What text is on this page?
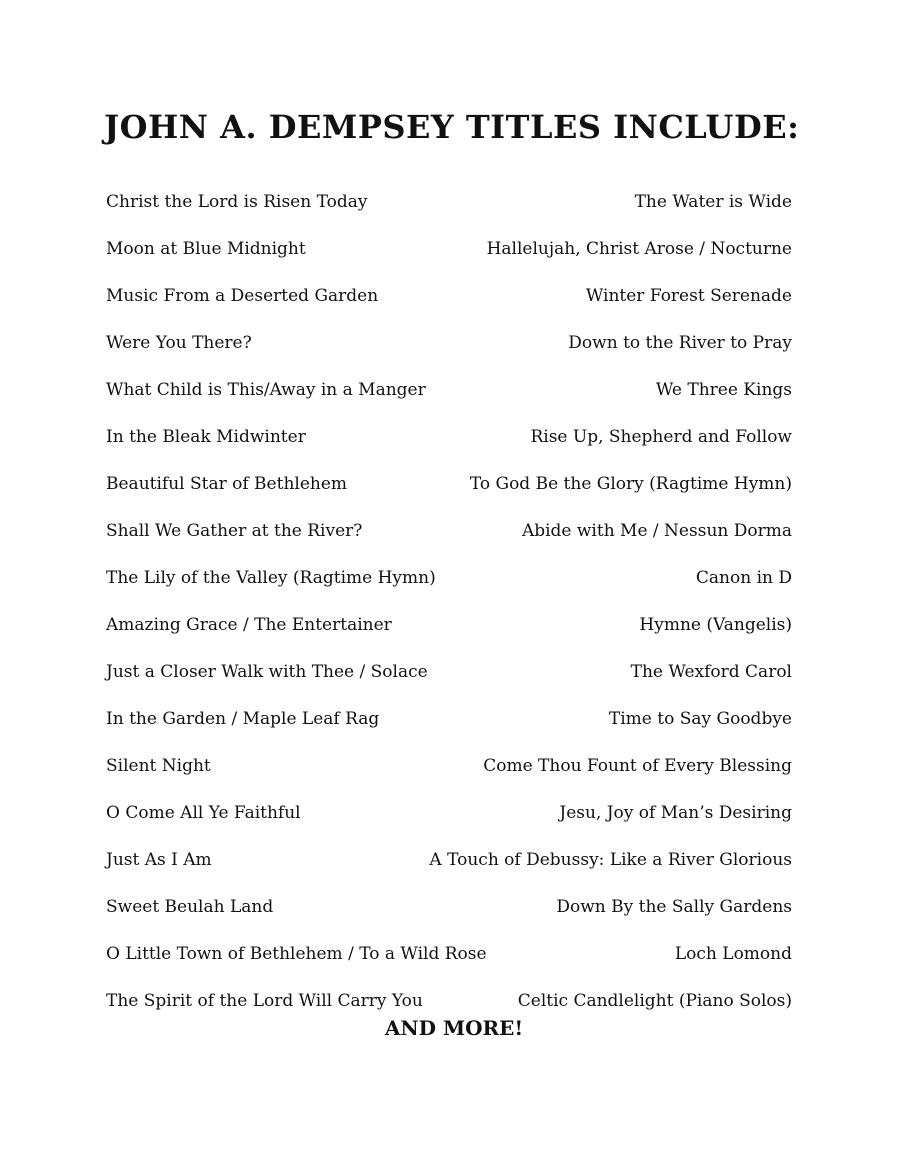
JOHN A. DEMPSEY TITLES INCLUDE:
Christ the Lord is Risen Today	The Water is Wide
Moon at Blue Midnight	Hallelujah, Christ Arose / Nocturne
Music From a Deserted Garden	Winter Forest Serenade
Were You There?	Down to the River to Pray
What Child is This/Away in a Manger	We Three Kings
In the Bleak Midwinter	Rise Up, Shepherd and Follow
Beautiful Star of Bethlehem	To God Be the Glory (Ragtime Hymn)
Shall We Gather at the River?	Abide with Me / Nessun Dorma
The Lily of the Valley (Ragtime Hymn)	Canon in D
Amazing Grace / The Entertainer	Hymne (Vangelis)
Just a Closer Walk with Thee / Solace	The Wexford Carol
In the Garden / Maple Leaf Rag	Time to Say Goodbye
Silent Night	Come Thou Fount of Every Blessing
O Come All Ye Faithful	Jesu, Joy of Man’s Desiring
Just As I Am	A Touch of Debussy: Like a River Glorious
Sweet Beulah Land	Down By the Sally Gardens
O Little Town of Bethlehem / To a Wild Rose	Loch Lomond
The Spirit of the Lord Will Carry You	Celtic Candlelight (Piano Solos)

AND MORE!
